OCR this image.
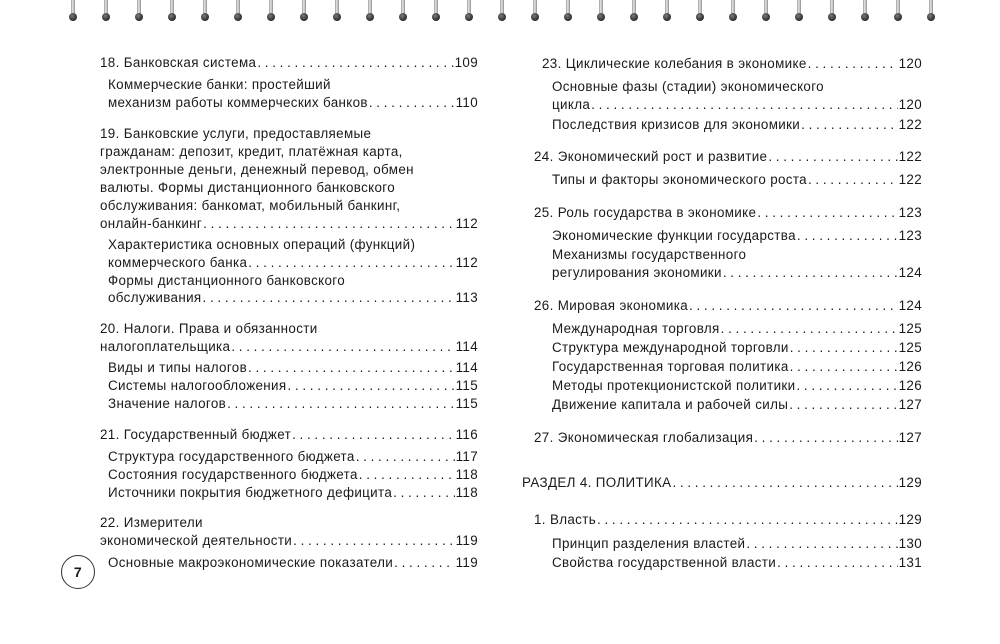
18. Банковская система . . .	109
Коммерческие банки: простейший
механизм работы коммерческих банков . . .	110
19. Банковские услуги, предоставляемые
гражданам: депозит, кредит, платёжная карта,
электронные деньги, денежный перевод, обмен
валюты. Формы дистанционного банковского
обслуживания: банкомат, мобильный банкинг,
онлайн-банкинг . . .	112
Характеристика основных операций (функций)
коммерческого банка . . .	112
Формы дистанционного банковского
обслуживания . . .	113
20. Налоги. Права и обязанности
налогоплательщика . . .	114
Виды и типы налогов . . .	114
Системы налогообложения . . .	115
Значение налогов . . .	115
21. Государственный бюджет . . .	116
Структура государственного бюджета . . .	117
Состояния государственного бюджета . . .	118
Источники покрытия бюджетного дефицита . . .	118
22. Измерители
экономической деятельности . . .	119
Основные макроэкономические показатели . . .	119
23. Циклические колебания в экономике . . .	120
Основные фазы (стадии) экономического
цикла . . .	120
Последствия кризисов для экономики . . .	122
24. Экономический рост и развитие . . .	122
Типы и факторы экономического роста . . .	122
25. Роль государства в экономике . . .	123
Экономические функции государства . . .	123
Механизмы государственного
регулирования экономики . . .	124
26. Мировая экономика . . .	124
Международная торговля . . .	125
Структура международной торговли . . .	125
Государственная торговая политика . . .	126
Методы протекционистской политики . . .	126
Движение капитала и рабочей силы . . .	127
27. Экономическая глобализация . . .	127
РАЗДЕЛ 4. ПОЛИТИКА . . .	129
1. Власть . . .	129
Принцип разделения властей . . .	130
Свойства государственной власти . . .	131
7
